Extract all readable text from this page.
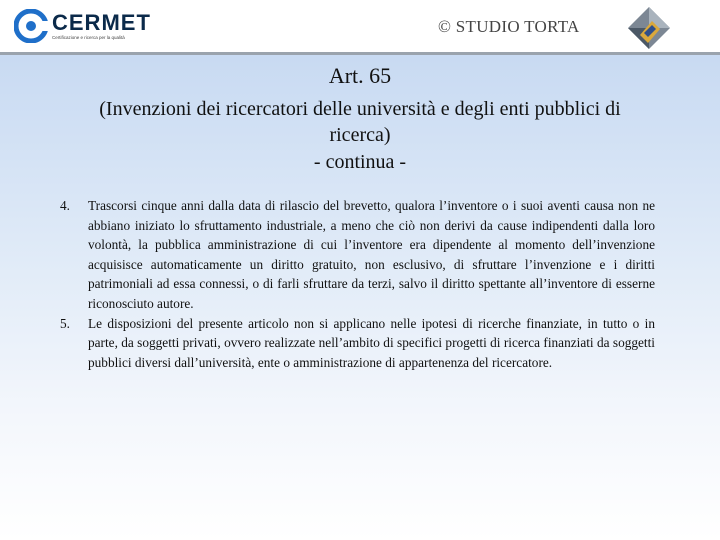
CERMET
Certificazione e ricerca per la qualità
© STUDIO TORTA
Art. 65
(Invenzioni dei ricercatori delle università e degli enti pubblici di ricerca)
- continua -

4. Trascorsi cinque anni dalla data di rilascio del brevetto, qualora l’inventore o i suoi aventi causa non ne abbiano iniziato lo sfruttamento industriale, a meno che ciò non derivi da cause indipendenti dalla loro volontà, la pubblica amministrazione di cui l’inventore era dipendente al momento dell’invenzione acquisisce automaticamente un diritto gratuito, non esclusivo, di sfruttare l’invenzione e i diritti patrimoniali ad essa connessi, o di farli sfruttare da terzi, salvo il diritto spettante all’inventore di esserne riconosciuto autore.

5. Le disposizioni del presente articolo non si applicano nelle ipotesi di ricerche finanziate, in tutto o in parte, da soggetti privati, ovvero realizzate nell’ambito di specifici progetti di ricerca finanziati da soggetti pubblici diversi dall’università, ente o amministrazione di appartenenza del ricercatore.
